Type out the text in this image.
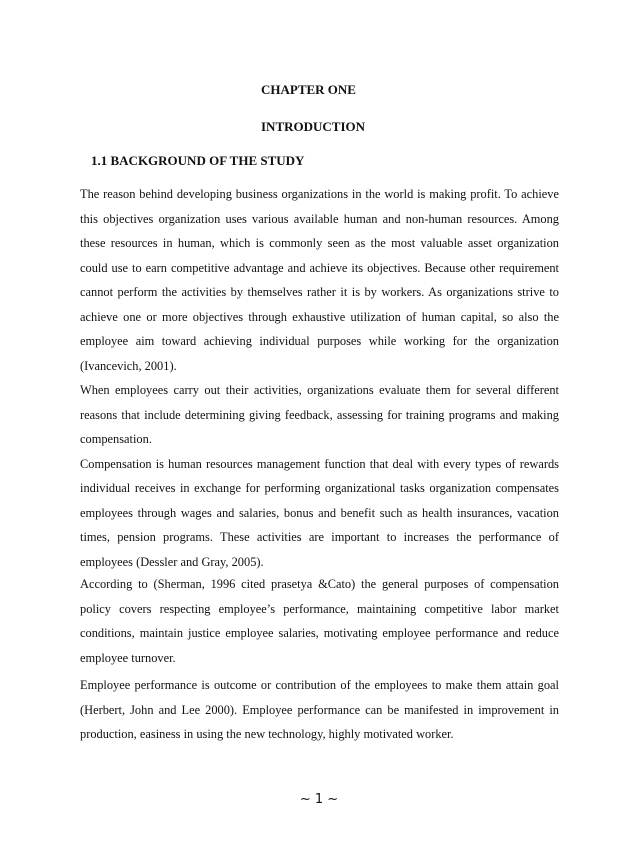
CHAPTER ONE
INTRODUCTION
1.1 BACKGROUND OF THE STUDY

The reason behind developing business organizations in the world is making profit. To achieve this objectives organization uses various available human and non-human resources. Among these resources in human, which is commonly seen as the most valuable asset organization could use to earn competitive advantage and achieve its objectives. Because other requirement cannot perform the activities by themselves rather it is by workers. As organizations strive to achieve one or more objectives through exhaustive utilization of human capital, so also the employee aim toward achieving individual purposes while working for the organization (Ivancevich, 2001).

When employees carry out their activities, organizations evaluate them for several different reasons that include determining giving feedback, assessing for training programs and making compensation.

Compensation is human resources management function that deal with every types of rewards individual receives in exchange for performing organizational tasks organization compensates employees through wages and salaries, bonus and benefit such as health insurances, vacation times, pension programs. These activities are important to increases the performance of employees (Dessler and Gray, 2005).

According to (Sherman, 1996 cited prasetya &Cato) the general purposes of compensation policy covers respecting employee’s performance, maintaining competitive labor market conditions, maintain justice employee salaries, motivating employee performance and reduce employee turnover.

Employee performance is outcome or contribution of the employees to make them attain goal (Herbert, John and Lee 2000). Employee performance can be manifested in improvement in production, easiness in using the new technology, highly motivated worker.

~ 1 ~
